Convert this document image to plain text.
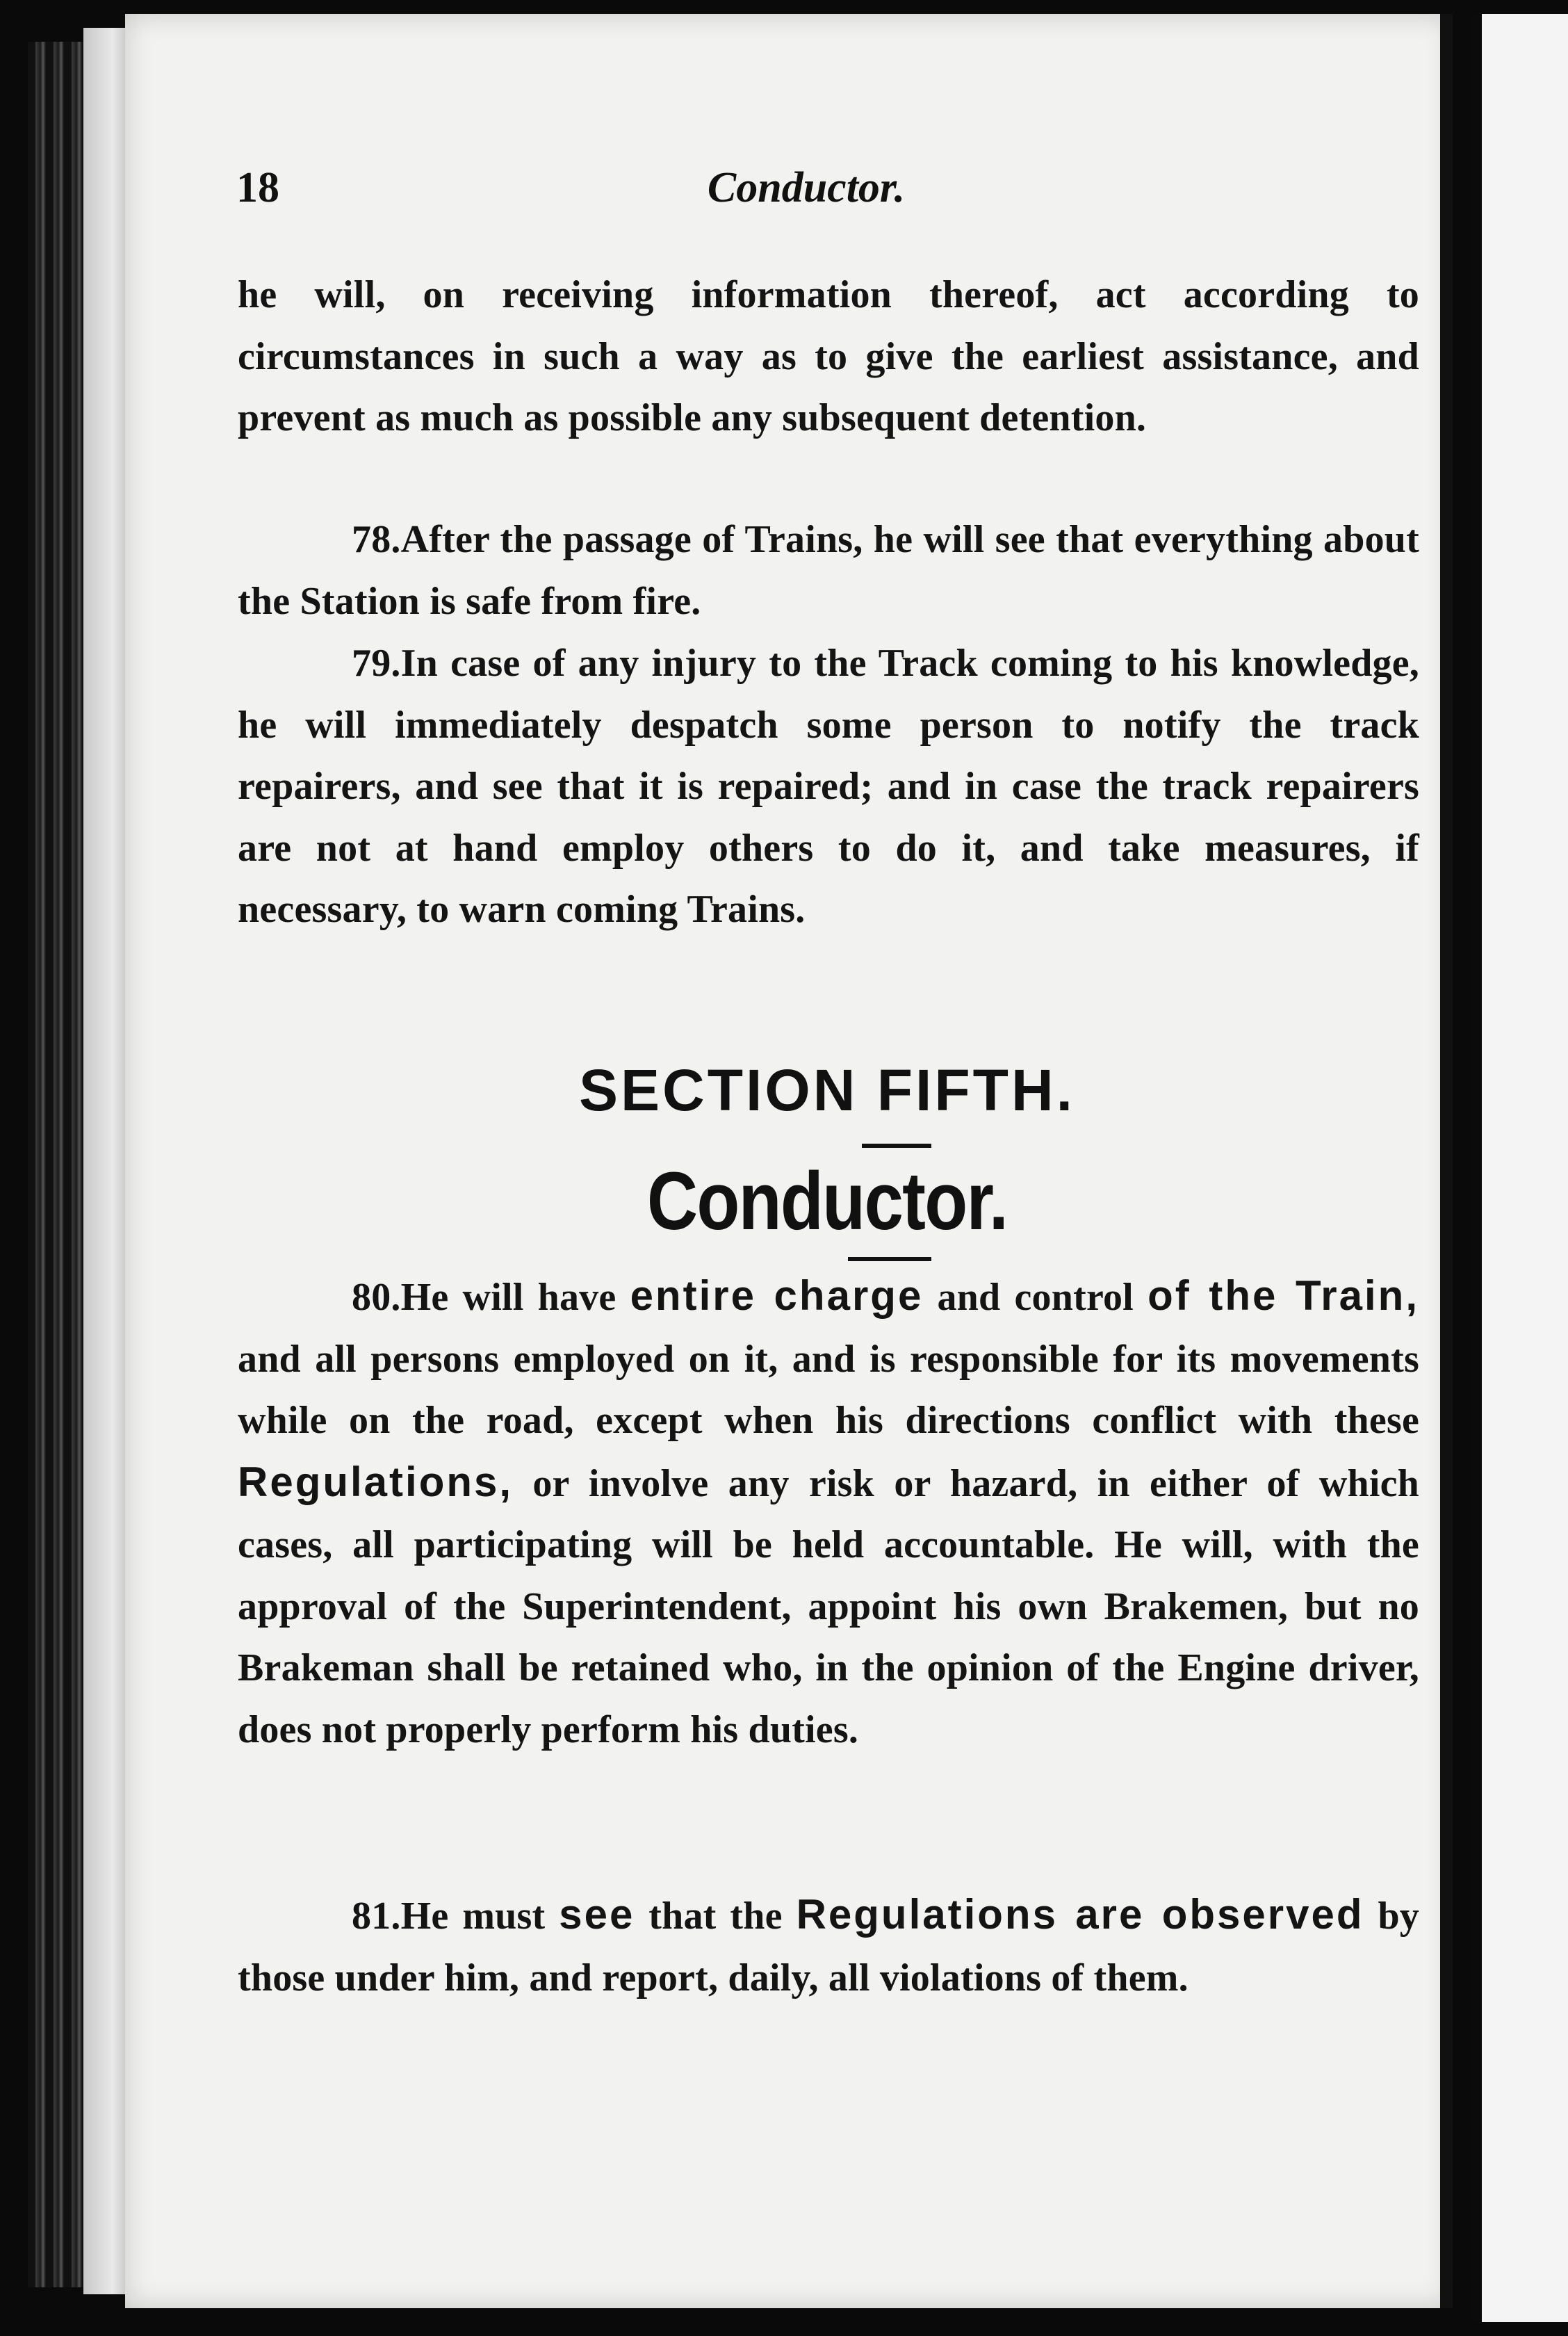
18	Conductor.

he will, on receiving information thereof, act according to circumstances in such a way as to give the earliest assistance, and prevent as much as possible any subsequent detention.

78.After the passage of Trains, he will see that everything about the Station is safe from fire.

79.In case of any injury to the Track coming to his knowledge, he will immediately despatch some person to notify the track repairers, and see that it is repaired; and in case the track repairers are not at hand employ others to do it, and take measures, if necessary, to warn coming Trains.

SECTION FIFTH.
Conductor.

80.He will have entire charge and control of the Train, and all persons employed on it, and is responsible for its movements while on the road, except when his directions conflict with these Regulations, or involve any risk or hazard, in either of which cases, all participating will be held accountable. He will, with the approval of the Superintendent, appoint his own Brakemen, but no Brakeman shall be retained who, in the opinion of the Engine driver, does not properly perform his duties.

81.He must see that the Regulations are observed by those under him, and report, daily, all violations of them.
